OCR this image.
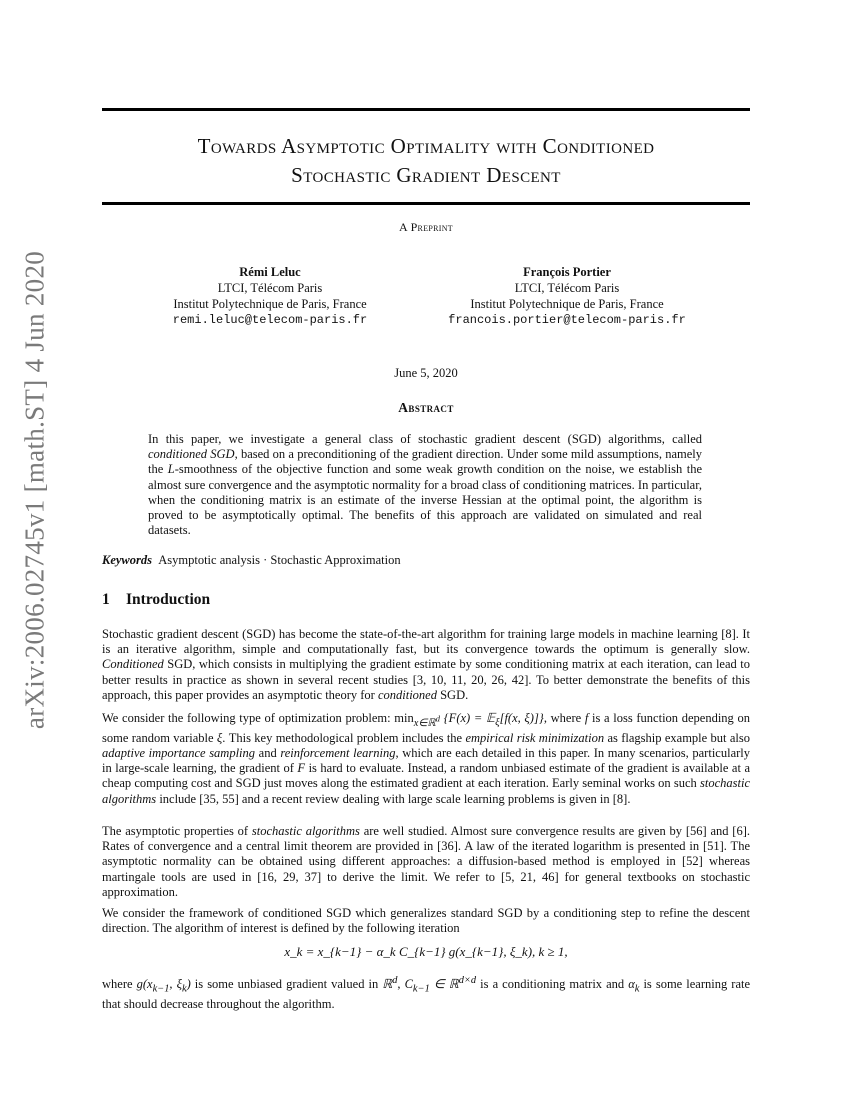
arXiv:2006.02745v1 [math.ST] 4 Jun 2020
Towards Asymptotic Optimality with Conditioned
Stochastic Gradient Descent
A Preprint
Rémi Leluc
LTCI, Télécom Paris
Institut Polytechnique de Paris, France
remi.leluc@telecom-paris.fr
François Portier
LTCI, Télécom Paris
Institut Polytechnique de Paris, France
francois.portier@telecom-paris.fr
June 5, 2020
Abstract
In this paper, we investigate a general class of stochastic gradient descent (SGD) algorithms, called conditioned SGD, based on a preconditioning of the gradient direction. Under some mild assumptions, namely the L-smoothness of the objective function and some weak growth condition on the noise, we establish the almost sure convergence and the asymptotic normality for a broad class of conditioning matrices. In particular, when the conditioning matrix is an estimate of the inverse Hessian at the optimal point, the algorithm is proved to be asymptotically optimal. The benefits of this approach are validated on simulated and real datasets.
Keywords Asymptotic analysis · Stochastic Approximation
1 Introduction
Stochastic gradient descent (SGD) has become the state-of-the-art algorithm for training large models in machine learning [8]. It is an iterative algorithm, simple and computationally fast, but its convergence towards the optimum is generally slow. Conditioned SGD, which consists in multiplying the gradient estimate by some conditioning matrix at each iteration, can lead to better results in practice as shown in several recent studies [3, 10, 11, 20, 26, 42]. To better demonstrate the benefits of this approach, this paper provides an asymptotic theory for conditioned SGD.
We consider the following type of optimization problem: $\min_{x\in ℝ^d} \{F(x)$ = 𝔼$_\xi$[f(x, ξ)]}, where f is a loss function depending on some random variable ξ. This key methodological problem includes the empirical risk minimization as flagship example but also adaptive importance sampling and reinforcement learning, which are each detailed in this paper. In many scenarios, particularly in large-scale learning, the gradient of F is hard to evaluate. Instead, a random unbiased estimate of the gradient is available at a cheap computing cost and SGD just moves along the estimated gradient at each iteration. Early seminal works on such stochastic algorithms include [35, 55] and a recent review dealing with large scale learning problems is given in [8].
The asymptotic properties of stochastic algorithms are well studied. Almost sure convergence results are given by [56] and [6]. Rates of convergence and a central limit theorem are provided in [36]. A law of the iterated logarithm is presented in [51]. The asymptotic normality can be obtained using different approaches: a diffusion-based method is employed in [52] whereas martingale tools are used in [16, 29, 37] to derive the limit. We refer to [5, 21, 46] for general textbooks on stochastic approximation.
We consider the framework of conditioned SGD which generalizes standard SGD by a conditioning step to refine the descent direction. The algorithm of interest is defined by the following iteration
x_k = x_{k−1} − α_k C_{k−1} g(x_{k−1}, ξ_k), k ≥ 1,
where $g(x_{k-1}$, $\xi_k$) is some unbiased gradient valued in ℝ$^d$, $C_{k-1}$ ∈ ℝ$^{d\times d}$ is a conditioning matrix and $\alpha_k$ is some learning rate that should decrease throughout the algorithm.
